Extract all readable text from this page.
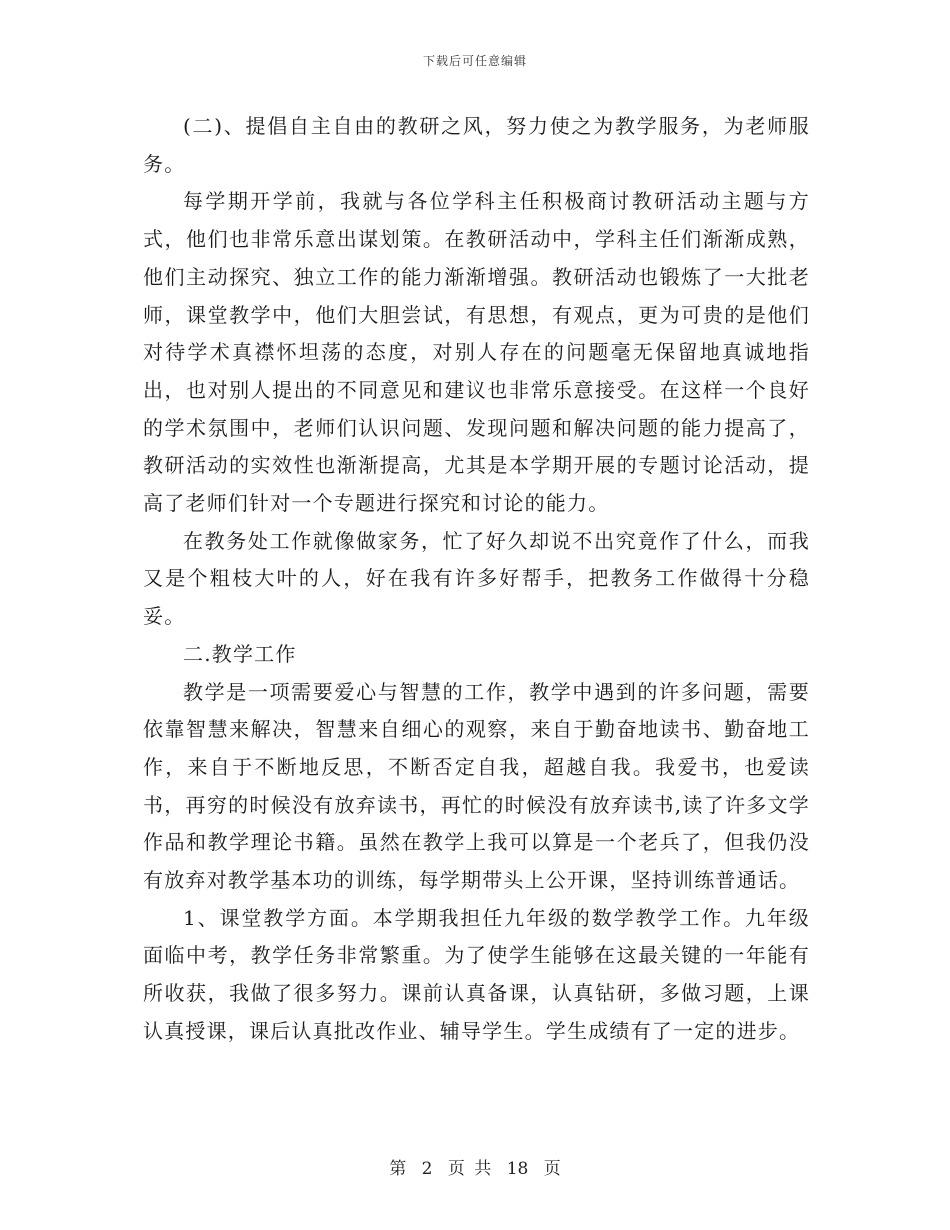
下载后可任意编辑

(二)、提倡自主自由的教研之风，努力使之为教学服务，为老师服务。

每学期开学前，我就与各位学科主任积极商讨教研活动主题与方式，他们也非常乐意出谋划策。在教研活动中，学科主任们渐渐成熟，他们主动探究、独立工作的能力渐渐增强。教研活动也锻炼了一大批老师，课堂教学中，他们大胆尝试，有思想，有观点，更为可贵的是他们对待学术真襟怀坦荡的态度，对别人存在的问题毫无保留地真诚地指出，也对别人提出的不同意见和建议也非常乐意接受。在这样一个良好的学术氛围中，老师们认识问题、发现问题和解决问题的能力提高了，教研活动的实效性也渐渐提高，尤其是本学期开展的专题讨论活动，提高了老师们针对一个专题进行探究和讨论的能力。

在教务处工作就像做家务，忙了好久却说不出究竟作了什么，而我又是个粗枝大叶的人，好在我有许多好帮手，把教务工作做得十分稳妥。

二.教学工作

教学是一项需要爱心与智慧的工作，教学中遇到的许多问题，需要依靠智慧来解决，智慧来自细心的观察，来自于勤奋地读书、勤奋地工作，来自于不断地反思，不断否定自我，超越自我。我爱书，也爱读书，再穷的时候没有放弃读书，再忙的时候没有放弃读书,读了许多文学作品和教学理论书籍。虽然在教学上我可以算是一个老兵了，但我仍没有放弃对教学基本功的训练，每学期带头上公开课，坚持训练普通话。

1、课堂教学方面。本学期我担任九年级的数学教学工作。九年级面临中考，教学任务非常繁重。为了使学生能够在这最关键的一年能有所收获，我做了很多努力。课前认真备课，认真钻研，多做习题，上课认真授课，课后认真批改作业、辅导学生。学生成绩有了一定的进步。

第 2 页 共 18 页
